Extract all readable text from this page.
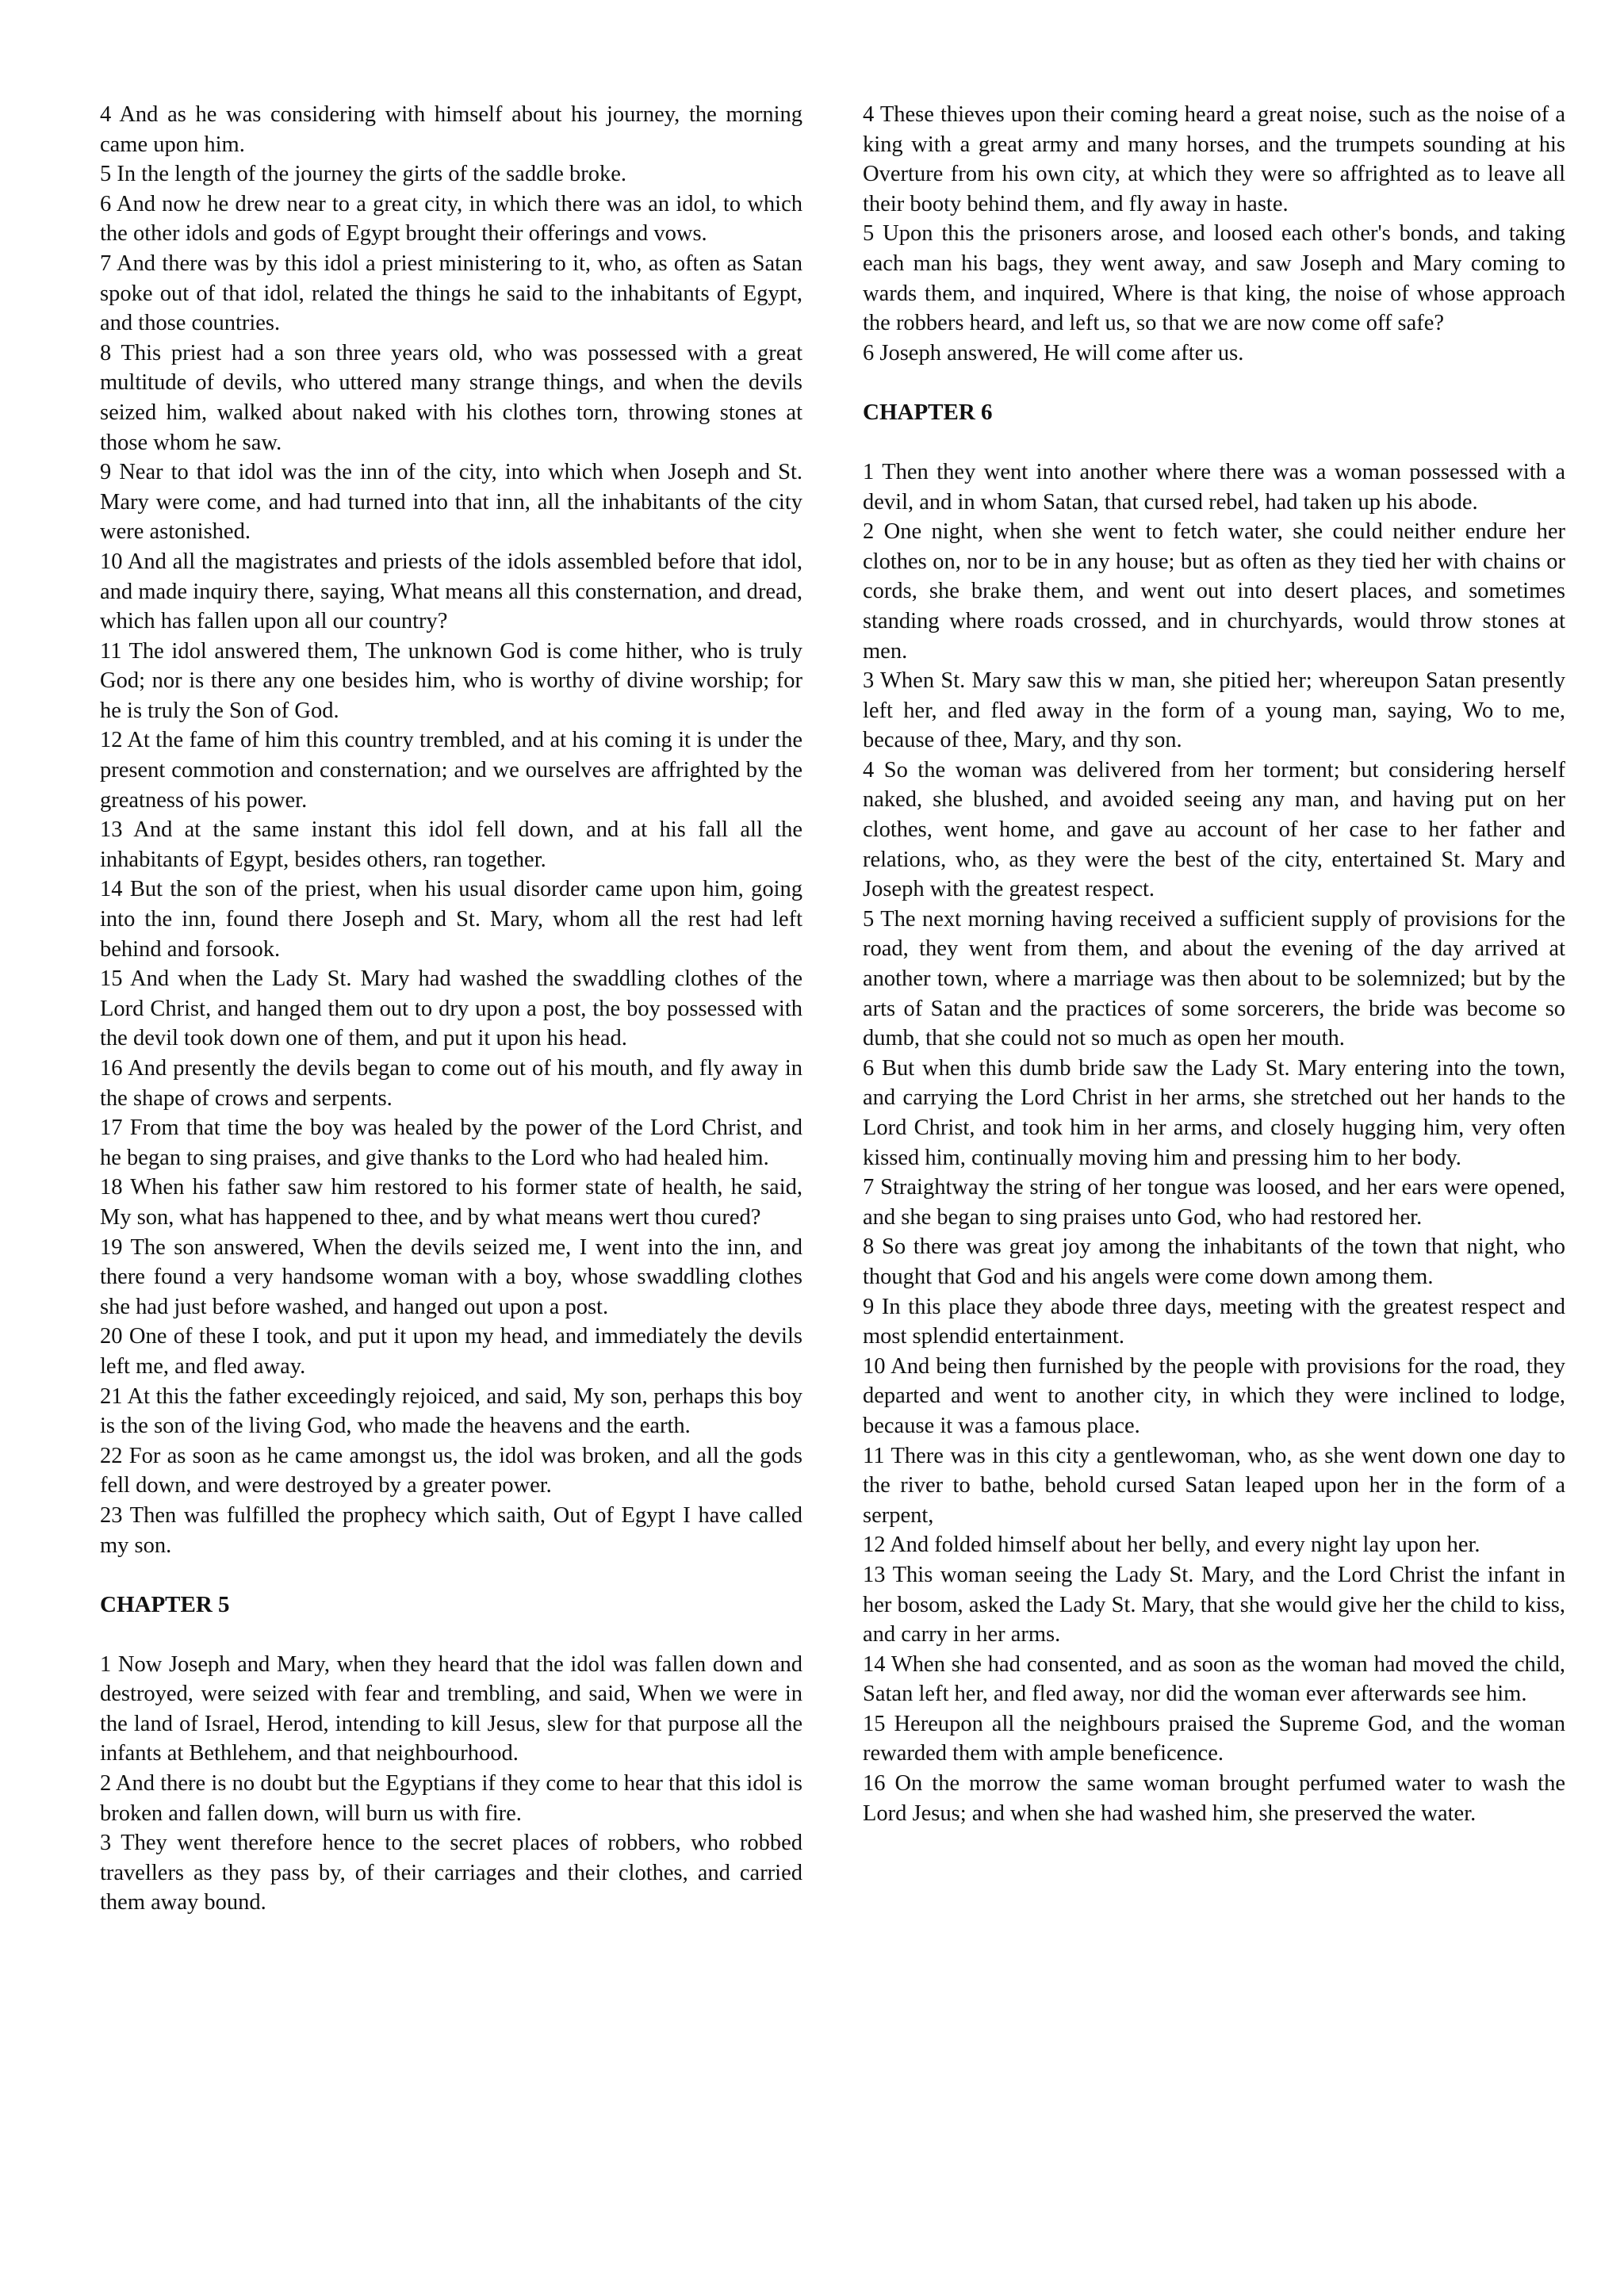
4 And as he was considering with himself about his journey, the morning came upon him.

5 In the length of the journey the girts of the saddle broke.

6 And now he drew near to a great city, in which there was an idol, to which the other idols and gods of Egypt brought their offerings and vows.

7 And there was by this idol a priest ministering to it, who, as often as Satan spoke out of that idol, related the things he said to the inhabitants of Egypt, and those countries.

8 This priest had a son three years old, who was possessed with a great multitude of devils, who uttered many strange things, and when the devils seized him, walked about naked with his clothes torn, throwing stones at those whom he saw.

9 Near to that idol was the inn of the city, into which when Joseph and St. Mary were come, and had turned into that inn, all the inhabitants of the city were astonished.

10 And all the magistrates and priests of the idols assembled before that idol, and made inquiry there, saying, What means all this consternation, and dread, which has fallen upon all our country?

11 The idol answered them, The unknown God is come hither, who is truly God; nor is there any one besides him, who is worthy of divine worship; for he is truly the Son of God.

12 At the fame of him this country trembled, and at his coming it is under the present commotion and consternation; and we ourselves are affrighted by the greatness of his power.

13 And at the same instant this idol fell down, and at his fall all the inhabitants of Egypt, besides others, ran together.

14 But the son of the priest, when his usual disorder came upon him, going into the inn, found there Joseph and St. Mary, whom all the rest had left behind and forsook.

15 And when the Lady St. Mary had washed the swaddling clothes of the Lord Christ, and hanged them out to dry upon a post, the boy possessed with the devil took down one of them, and put it upon his head.

16 And presently the devils began to come out of his mouth, and fly away in the shape of crows and serpents.

17 From that time the boy was healed by the power of the Lord Christ, and he began to sing praises, and give thanks to the Lord who had healed him.

18 When his father saw him restored to his former state of health, he said, My son, what has happened to thee, and by what means wert thou cured?

19 The son answered, When the devils seized me, I went into the inn, and there found a very handsome woman with a boy, whose swaddling clothes she had just before washed, and hanged out upon a post.

20 One of these I took, and put it upon my head, and immediately the devils left me, and fled away.

21 At this the father exceedingly rejoiced, and said, My son, perhaps this boy is the son of the living God, who made the heavens and the earth.

22 For as soon as he came amongst us, the idol was broken, and all the gods fell down, and were destroyed by a greater power.

23 Then was fulfilled the prophecy which saith, Out of Egypt I have called my son.

CHAPTER 5

1 Now Joseph and Mary, when they heard that the idol was fallen down and destroyed, were seized with fear and trembling, and said, When we were in the land of Israel, Herod, intending to kill Jesus, slew for that purpose all the infants at Bethlehem, and that neighbourhood.

2 And there is no doubt but the Egyptians if they come to hear that this idol is broken and fallen down, will burn us with fire.

3 They went therefore hence to the secret places of robbers, who robbed travellers as they pass by, of their carriages and their clothes, and carried them away bound.

4 These thieves upon their coming heard a great noise, such as the noise of a king with a great army and many horses, and the trumpets sounding at his Overture from his own city, at which they were so affrighted as to leave all their booty behind them, and fly away in haste.

5 Upon this the prisoners arose, and loosed each other's bonds, and taking each man his bags, they went away, and saw Joseph and Mary coming to wards them, and inquired, Where is that king, the noise of whose approach the robbers heard, and left us, so that we are now come off safe?

6 Joseph answered, He will come after us.

CHAPTER 6

1 Then they went into another where there was a woman possessed with a devil, and in whom Satan, that cursed rebel, had taken up his abode.

2 One night, when she went to fetch water, she could neither endure her clothes on, nor to be in any house; but as often as they tied her with chains or cords, she brake them, and went out into desert places, and sometimes standing where roads crossed, and in churchyards, would throw stones at men.

3 When St. Mary saw this w man, she pitied her; whereupon Satan presently left her, and fled away in the form of a young man, saying, Wo to me, because of thee, Mary, and thy son.

4 So the woman was delivered from her torment; but considering herself naked, she blushed, and avoided seeing any man, and having put on her clothes, went home, and gave au account of her case to her father and relations, who, as they were the best of the city, entertained St. Mary and Joseph with the greatest respect.

5 The next morning having received a sufficient supply of provisions for the road, they went from them, and about the evening of the day arrived at another town, where a marriage was then about to be solemnized; but by the arts of Satan and the practices of some sorcerers, the bride was become so dumb, that she could not so much as open her mouth.

6 But when this dumb bride saw the Lady St. Mary entering into the town, and carrying the Lord Christ in her arms, she stretched out her hands to the Lord Christ, and took him in her arms, and closely hugging him, very often kissed him, continually moving him and pressing him to her body.

7 Straightway the string of her tongue was loosed, and her ears were opened, and she began to sing praises unto God, who had restored her.

8 So there was great joy among the inhabitants of the town that night, who thought that God and his angels were come down among them.

9 In this place they abode three days, meeting with the greatest respect and most splendid entertainment.

10 And being then furnished by the people with provisions for the road, they departed and went to another city, in which they were inclined to lodge, because it was a famous place.

11 There was in this city a gentlewoman, who, as she went down one day to the river to bathe, behold cursed Satan leaped upon her in the form of a serpent,

12 And folded himself about her belly, and every night lay upon her.

13 This woman seeing the Lady St. Mary, and the Lord Christ the infant in her bosom, asked the Lady St. Mary, that she would give her the child to kiss, and carry in her arms.

14 When she had consented, and as soon as the woman had moved the child, Satan left her, and fled away, nor did the woman ever afterwards see him.

15 Hereupon all the neighbours praised the Supreme God, and the woman rewarded them with ample beneficence.

16 On the morrow the same woman brought perfumed water to wash the Lord Jesus; and when she had washed him, she preserved the water.
